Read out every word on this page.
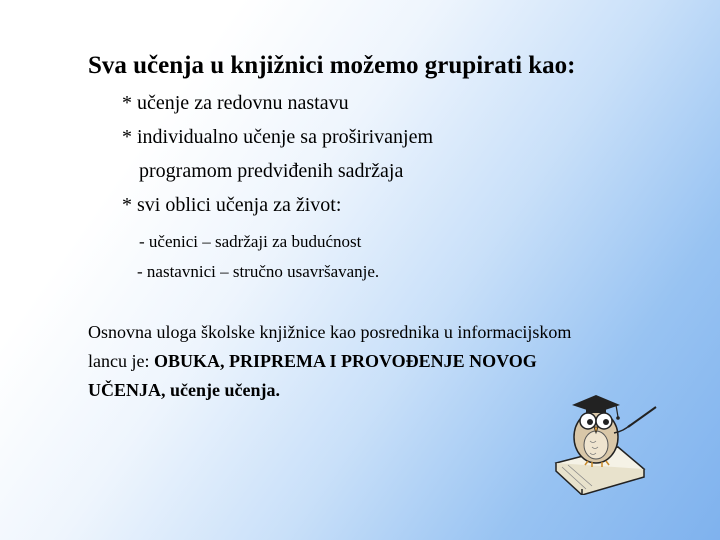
Sva učenja u knjižnici možemo grupirati kao:
* učenje za redovnu nastavu
* individualno učenje sa proširivanjem
programom predviđenih sadržaja
* svi oblici učenja za život:
- učenici – sadržaji za budućnost
- nastavnici – stručno usavršavanje.
Osnovna uloga školske knjižnice kao posrednika u informacijskom
lancu je: OBUKA, PRIPREMA I PROVOĐENJE NOVOG
UČENJA, učenje učenja.
